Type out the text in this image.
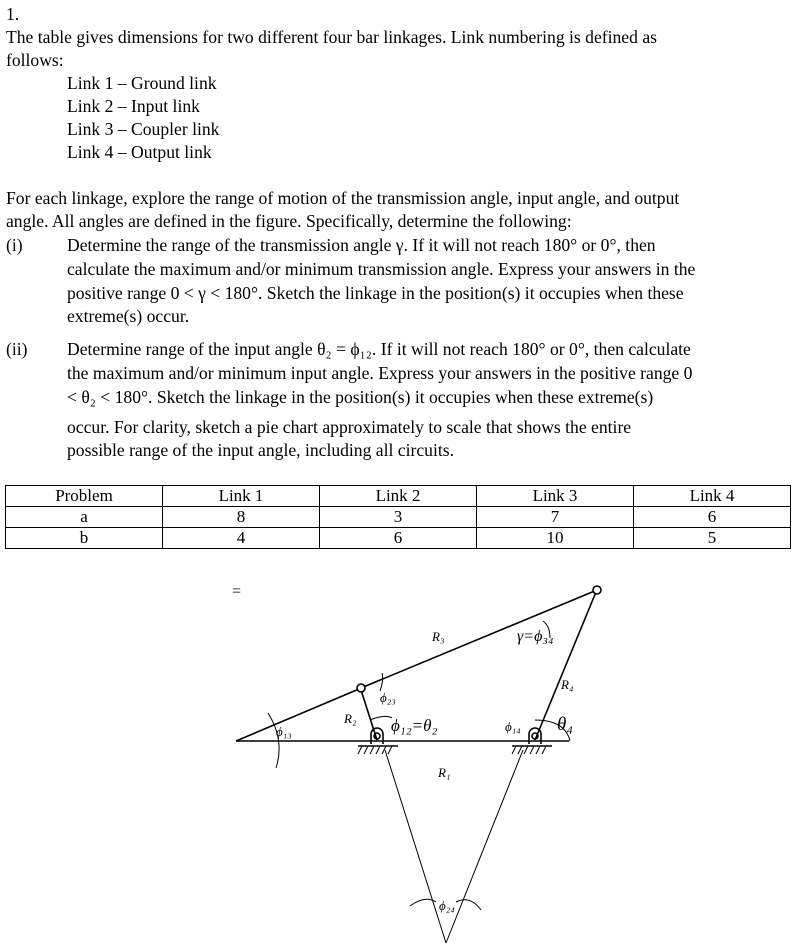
1.
The table gives dimensions for two different four bar linkages. Link numbering is defined as
follows:
Link 1 – Ground link
Link 2 – Input link
Link 3 – Coupler link
Link 4 – Output link
For each linkage, explore the range of motion of the transmission angle, input angle, and output
angle. All angles are defined in the figure. Specifically, determine the following:
(i)	Determine the range of the transmission angle γ. If it will not reach 180° or 0°, then
calculate the maximum and/or minimum transmission angle. Express your answers in the
positive range 0 < γ < 180°. Sketch the linkage in the position(s) it occupies when these
extreme(s) occur.
(ii) Determine range of the input angle θ₂ = ϕ₁₂. If it will not reach 180° or 0°, then calculate
the maximum and/or minimum input angle. Express your answers in the positive range 0
< θ₂ < 180°. Sketch the linkage in the position(s) it occupies when these extreme(s)
occur. For clarity, sketch a pie chart approximately to scale that shows the entire
possible range of the input angle, including all circuits.
Problem	Link 1	Link 2	Link 3	Link 4
a	8	3	7	6
b	4	6	10	5
=
R₃
R₂
R₄
R₁
ϕ₁₃
ϕ₂₃
ϕ₁₂=θ₂	ϕ₁₄ θ₄
γ=ϕ₃₄
ϕ₂₄
